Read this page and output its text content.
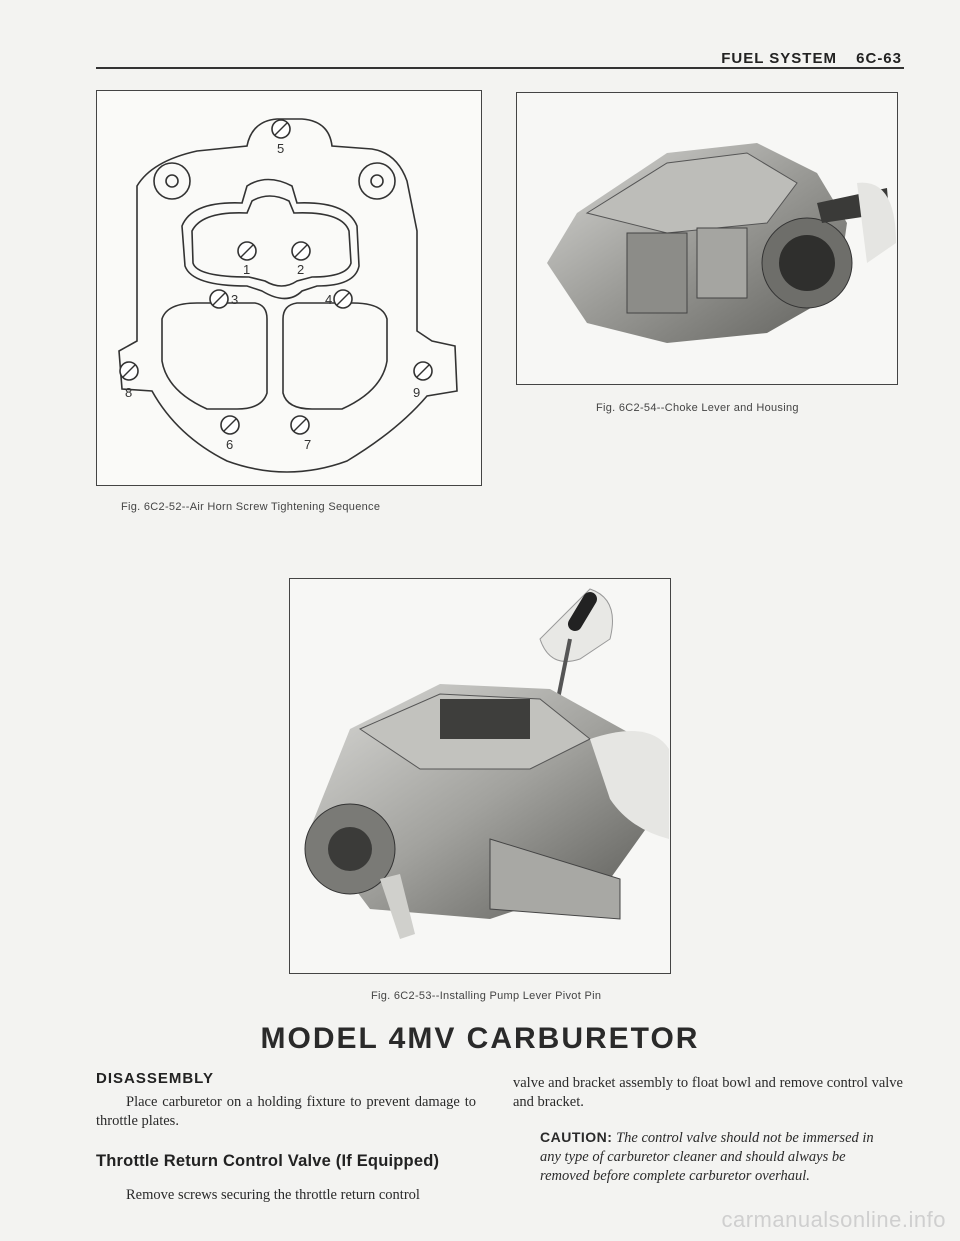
FUEL SYSTEM 6C-63
1	2
3	4
5
6	7
8	9
Fig. 6C2-52--Air Horn Screw Tightening Sequence
Fig. 6C2-54--Choke Lever and Housing
Fig. 6C2-53--Installing Pump Lever Pivot Pin
MODEL 4MV CARBURETOR
DISASSEMBLY
Place carburetor on a holding fixture to prevent damage to throttle plates.
Throttle Return Control Valve (If Equipped)
Remove screws securing the throttle return control
valve and bracket assembly to float bowl and remove control valve and bracket.
CAUTION: The control valve should not be immersed in any type of carburetor cleaner and should always be removed before complete carburetor overhaul.
carmanualsonline.info
